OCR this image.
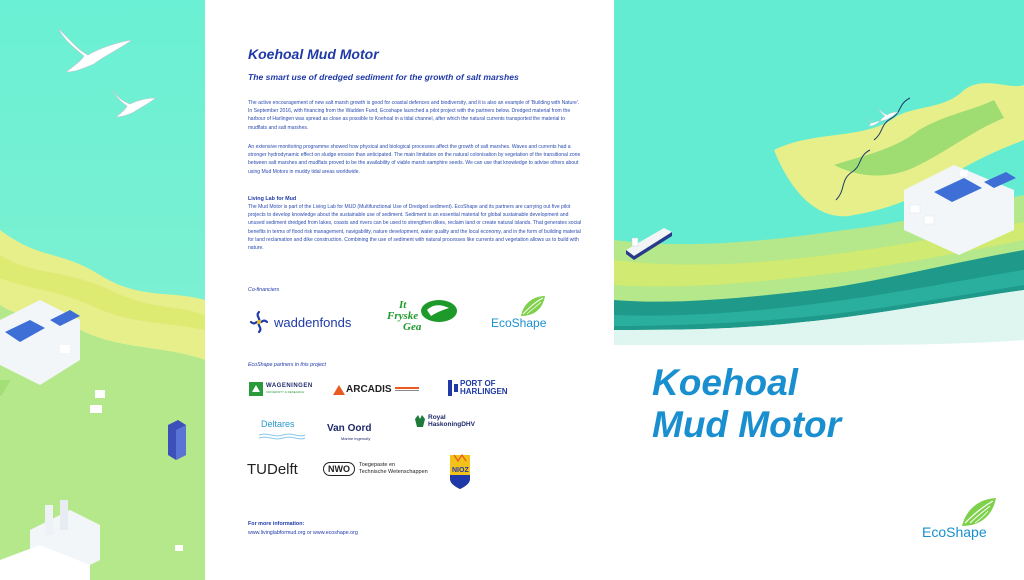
Koehoal Mud Motor
The smart use of dredged sediment for the growth of salt marshes
The active encouragement of new salt marsh growth is good for coastal defences and biodiversity, and it is also an example of 'Building with Nature'. In September 2016, with financing from the Wadden Fund, Ecoshape launched a pilot project with the partners below. Dredged material from the harbour of Harlingen was spread as close as possible to Koehoal in a tidal channel, after which the natural currents transported the material to mudflats and salt marshes.
An extensive monitoring programme showed how physical and biological processes affect the growth of salt marshes. Waves and currents had a stronger hydrodynamic effect on sludge erosion than anticipated. The main limitation on the natural colonisation by vegetation of the transitional zone between salt marshes and mudflats proved to be the availability of viable marsh samphire seeds. We can use that knowledge to advise others about using Mud Motors in muddy tidal areas worldwide.
Living Lab for Mud
The Mud Motor is part of the Living Lab for MUD (Multifunctional Use of Dredged sediment). EcoShape and its partners are carrying out five pilot projects to develop knowledge about the sustainable use of sediment. Sediment is an essential material for global sustainable development and unused sediment dredged from lakes, coasts and rivers can be used to strengthen dikes, reclaim land or create natural islands. That generates social benefits in terms of flood risk management, navigability, nature development, water quality and the local economy, and in the form of building material for land reclamation and dike construction. Combining the use of sediment with natural processes like currents and vegetation allows us to build with nature.
Co-financiers
waddenfonds
It
Fryske
Gea	EcoShape
EcoShape partners in this project
WAGENINGEN
UNIVERSITY & RESEARCH	ARCADIS
PORT OF
HARLINGEN
Deltares	Van Oord
Marine ingenuity
Royal
HaskoningDHV
TUDelft	NWO	Toegepaste en
Technische Wetenschappen	NIOZ
For more information:
www.livinglabformud.org or www.ecoshape.org
Koehoal
Mud Motor
EcoShape
